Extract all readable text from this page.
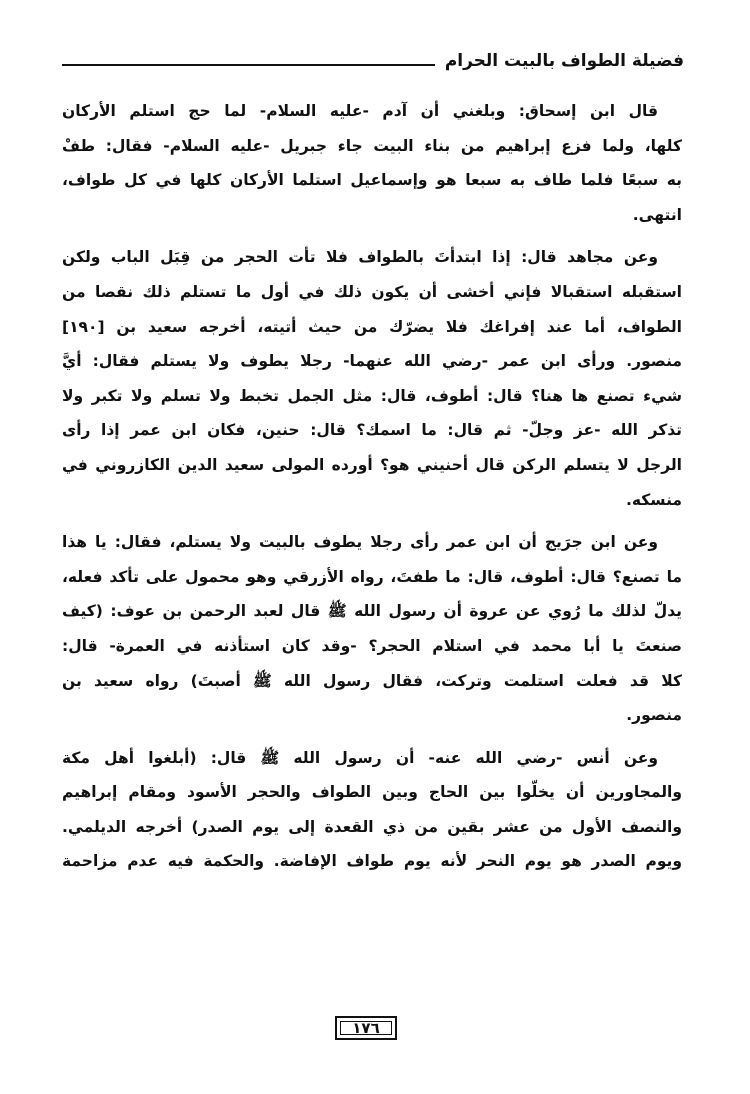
فضيلة الطواف بالبيت الحرام
قال ابن إسحاق: وبلغني أن آدم -عليه السلام- لما حج استلم الأركان
كلها، ولما فزع إبراهيم من بناء البيت جاء جبريل -عليه السلام- فقال: طفْ
به سبعًا فلما طاف به سبعا هو وإسماعيل استلما الأركان كلها في كل طواف،
انتهى.
وعن مجاهد قال: إذا ابتدأتَ بالطواف فلا تأت الحجر من قِبَل الباب ولكن
استقبله استقبالا فإني أخشى أن يكون ذلك في أول ما تستلم ذلك نقصا من
الطواف، أما عند إفراغك فلا يضرّك من حيث أتيته، أخرجه سعيد بن [١٩٠]
منصور. ورأى ابن عمر -رضي الله عنهما- رجلا يطوف ولا يستلم فقال: أيَّ
شيء تصنع ها هنا؟ قال: أطوف، قال: مثل الجمل تخبط ولا تسلم ولا تكبر ولا
تذكر الله -عز وجلّ- ثم قال: ما اسمك؟ قال: حنين، فكان ابن عمر إذا رأى
الرجل لا يتسلم الركن قال أحنيني هو؟ أورده المولى سعيد الدين الكازروني في
منسكه.
وعن ابن جرَيج أن ابن عمر رأى رجلا يطوف بالبيت ولا يستلم، فقال: يا هذا
ما تصنع؟ قال: أطوف، قال: ما طفتَ، رواه الأزرقي وهو محمول على تأكد فعله،
يدلّ لذلك ما رُوي عن عروة أن رسول الله ﷺ قال لعبد الرحمن بن عوف: (كيف
صنعتَ يا أبا محمد في استلام الحجر؟ -وقد كان استأذنه في العمرة- قال:
كلا قد فعلت استلمت وتركت، فقال رسول الله ﷺ أصبتَ) رواه سعيد بن
منصور.
وعن أنس -رضي الله عنه- أن رسول الله ﷺ قال: (أبلغوا أهل مكة
والمجاورين أن يخلّوا بين الحاج وبين الطواف والحجر الأسود ومقام إبراهيم
والنصف الأول من عشر بقين من ذي القعدة إلى يوم الصدر) أخرجه الديلمي.
ويوم الصدر هو يوم النحر لأنه يوم طواف الإفاضة. والحكمة فيه عدم مزاحمة
١٧٦
